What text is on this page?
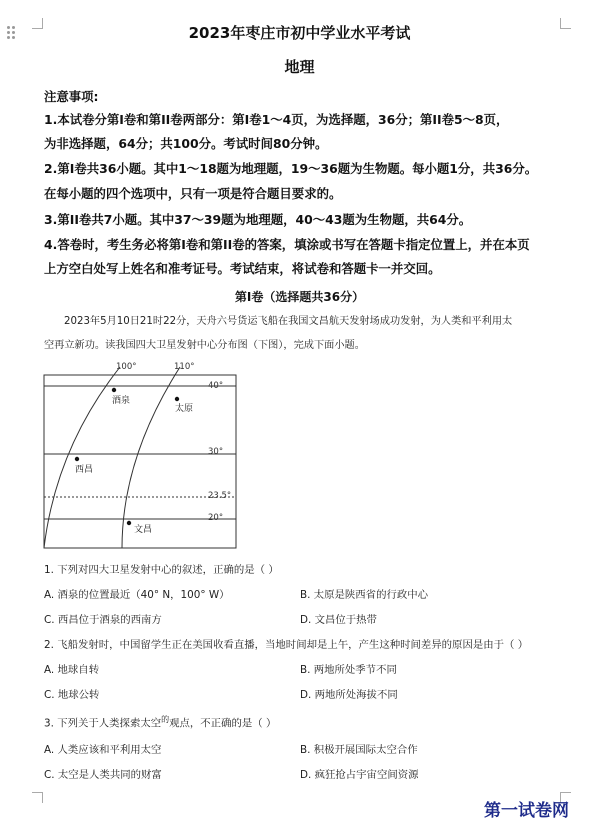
2023年枣庄市初中学业水平考试
地理
注意事项:
1.本试卷分第I卷和第II卷两部分：第I卷1～4页，为选择题，36分；第II卷5～8页，
为非选择题，64分；共100分。考试时间80分钟。
2.第I卷共36小题。其中1～18题为地理题，19～36题为生物题。每小题1分，共36分。
在每小题的四个选项中，只有一项是符合题目要求的。
3.第II卷共7小题。其中37～39题为地理题，40～43题为生物题，共64分。
4.答卷时，考生务必将第I卷和第II卷的答案，填涂或书写在答题卡指定位置上，并在本页
上方空白处写上姓名和准考证号。考试结束，将试卷和答题卡一并交回。
第I卷（选择题共36分）
2023年5月10日21时22分，天舟六号货运飞船在我国文昌航天发射场成功发射，为人类和平利用太
空再立新功。读我国四大卫星发射中心分布图（下图），完成下面小题。
100°	110°
40°
30°
23.5°
20°
酒泉
太原
西昌
文昌
1. 下列对四大卫星发射中心的叙述，正确的是（ ）
A. 酒泉的位置最近（40° N，100° W）	B. 太原是陕西省的行政中心
C. 西昌位于酒泉的西南方	D. 文昌位于热带
2. 飞船发射时，中国留学生正在美国收看直播，当地时间却是上午，产生这种时间差异的原因是由于（ ）
A. 地球自转	B. 两地所处季节不同
C. 地球公转	D. 两地所处海拔不同
3. 下列关于人类探索太空$^的$观点，不正确的是（ ）
A. 人类应该和平利用太空	B. 积极开展国际太空合作
C. 太空是人类共同的财富	D. 疯狂抢占宇宙空间资源
第一试卷网
